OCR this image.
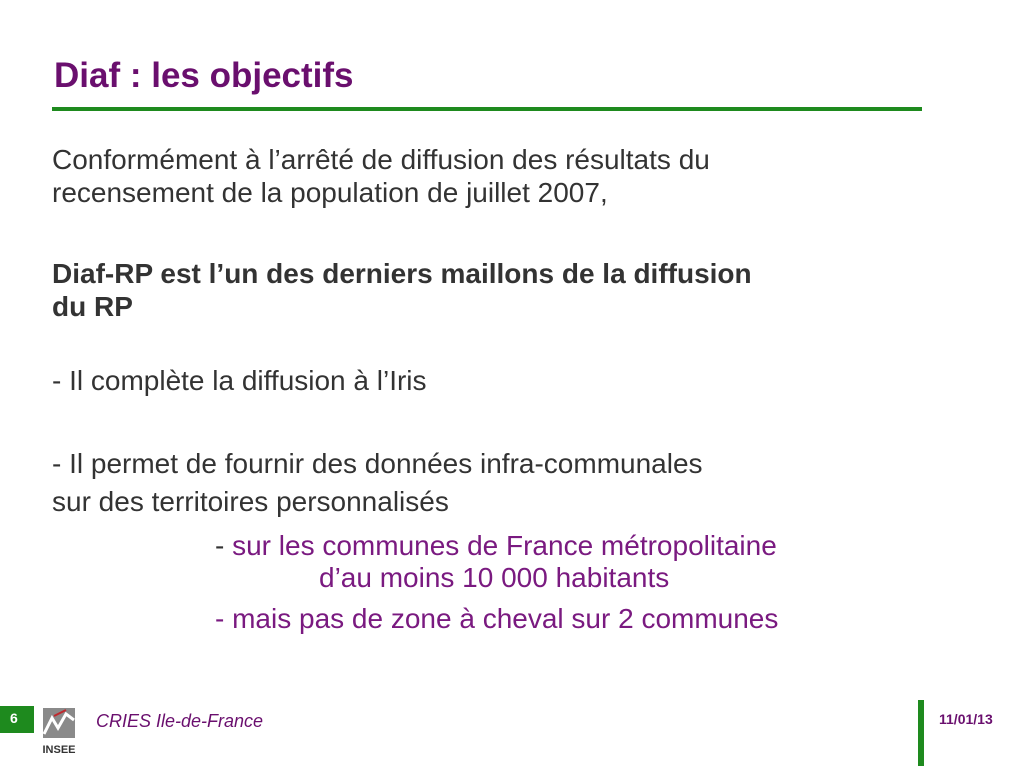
Diaf : les objectifs
Conformément à l’arrêté de diffusion des résultats du
recensement de la population de juillet 2007,
Diaf-RP est l’un des derniers maillons de la diffusion
du RP
- Il complète la diffusion à l’Iris
- Il permet de fournir des données infra-communales
sur des territoires personnalisés
- sur les communes de France métropolitaine
d’au moins 10 000 habitants
- mais pas de zone à cheval sur 2 communes
6
INSEE
CRIES Ile-de-France	11/01/13
